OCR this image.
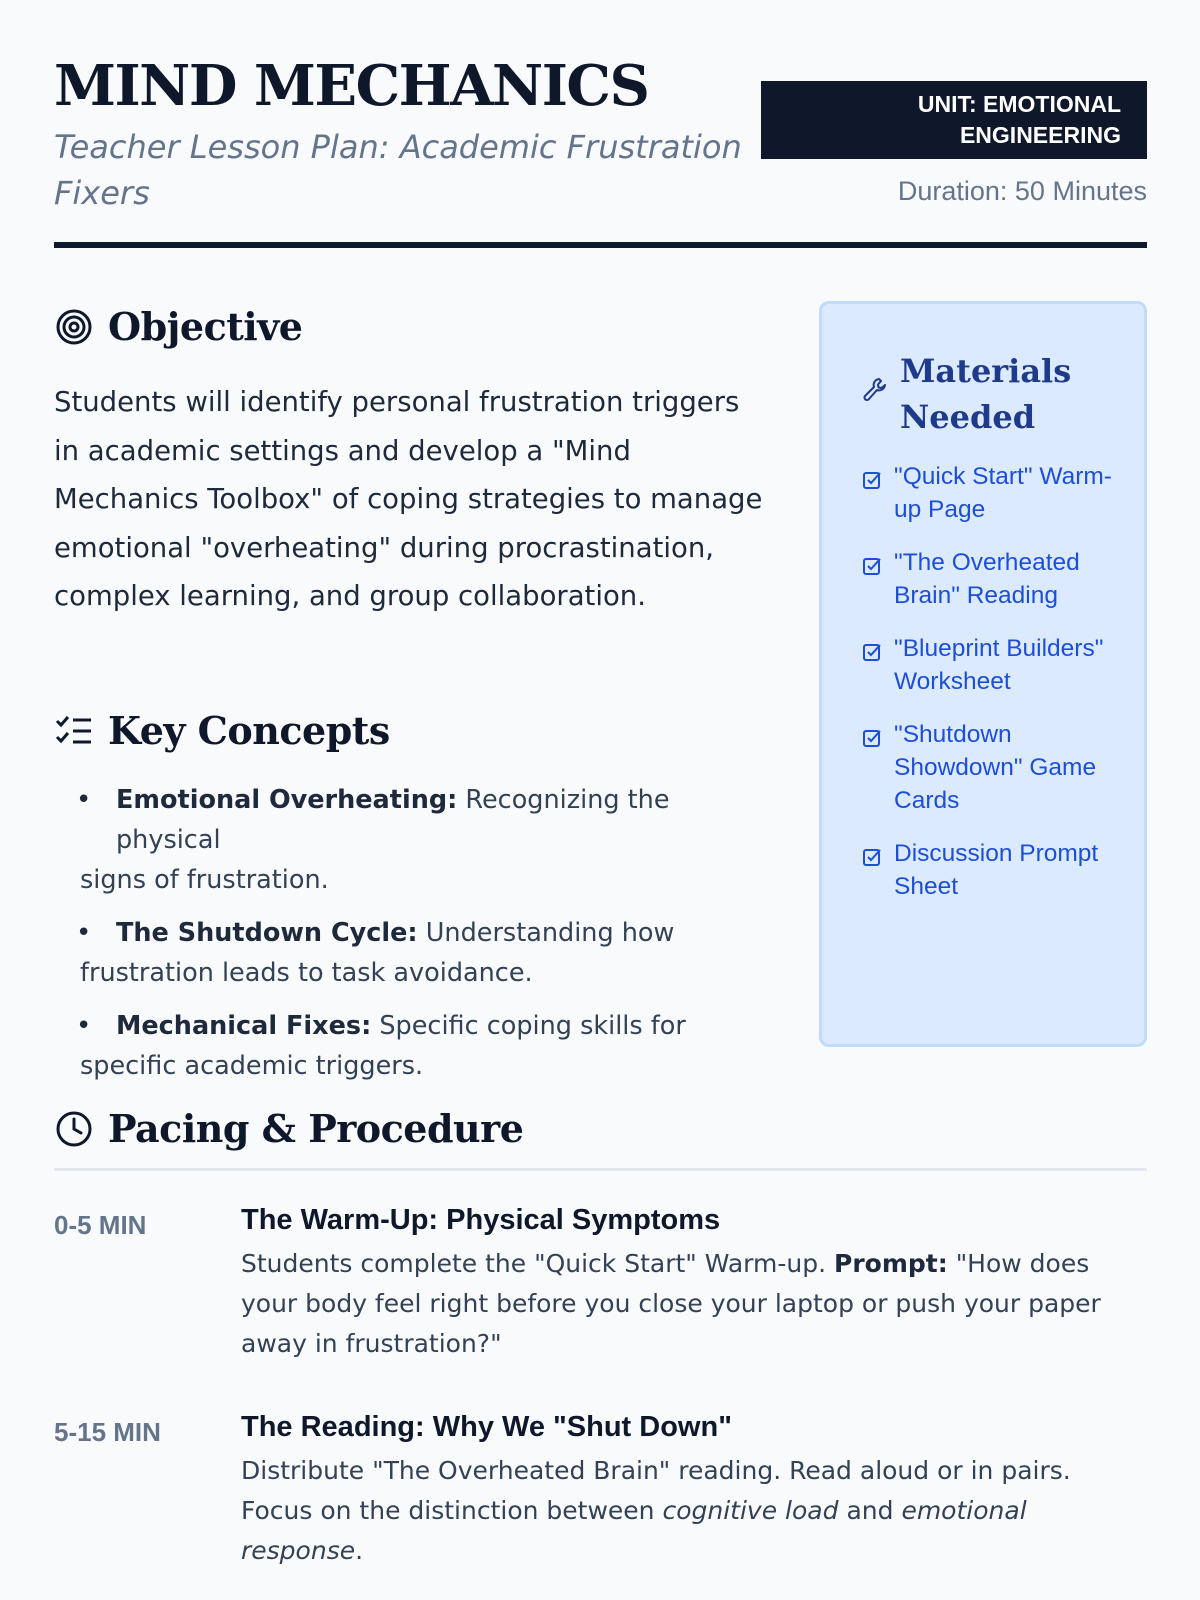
MIND MECHANICS
Teacher Lesson Plan: Academic Frustration Fixers
UNIT: EMOTIONAL
ENGINEERING
Duration: 50 Minutes
Objective
Students will identify personal frustration triggers in academic settings and develop a "Mind Mechanics Toolbox" of coping strategies to manage emotional "overheating" during procrastination, complex learning, and group collaboration.
Key Concepts
• Emotional Overheating: Recognizing the physical
signs of frustration.
• The Shutdown Cycle: Understanding how
frustration leads to task avoidance.
• Mechanical Fixes: Specific coping skills for
specific academic triggers.
Materials Needed
"Quick Start" Warm-up Page
"The Overheated Brain" Reading
"Blueprint Builders" Worksheet
"Shutdown Showdown" Game Cards
Discussion Prompt Sheet
Pacing & Procedure
0-5 MIN	The Warm-Up: Physical Symptoms
Students complete the "Quick Start" Warm-up. Prompt: "How does your body feel right before you close your laptop or push your paper away in frustration?"
5-15 MIN	The Reading: Why We "Shut Down"
Distribute "The Overheated Brain" reading. Read aloud or in pairs. Focus on the distinction between cognitive load and emotional response.
